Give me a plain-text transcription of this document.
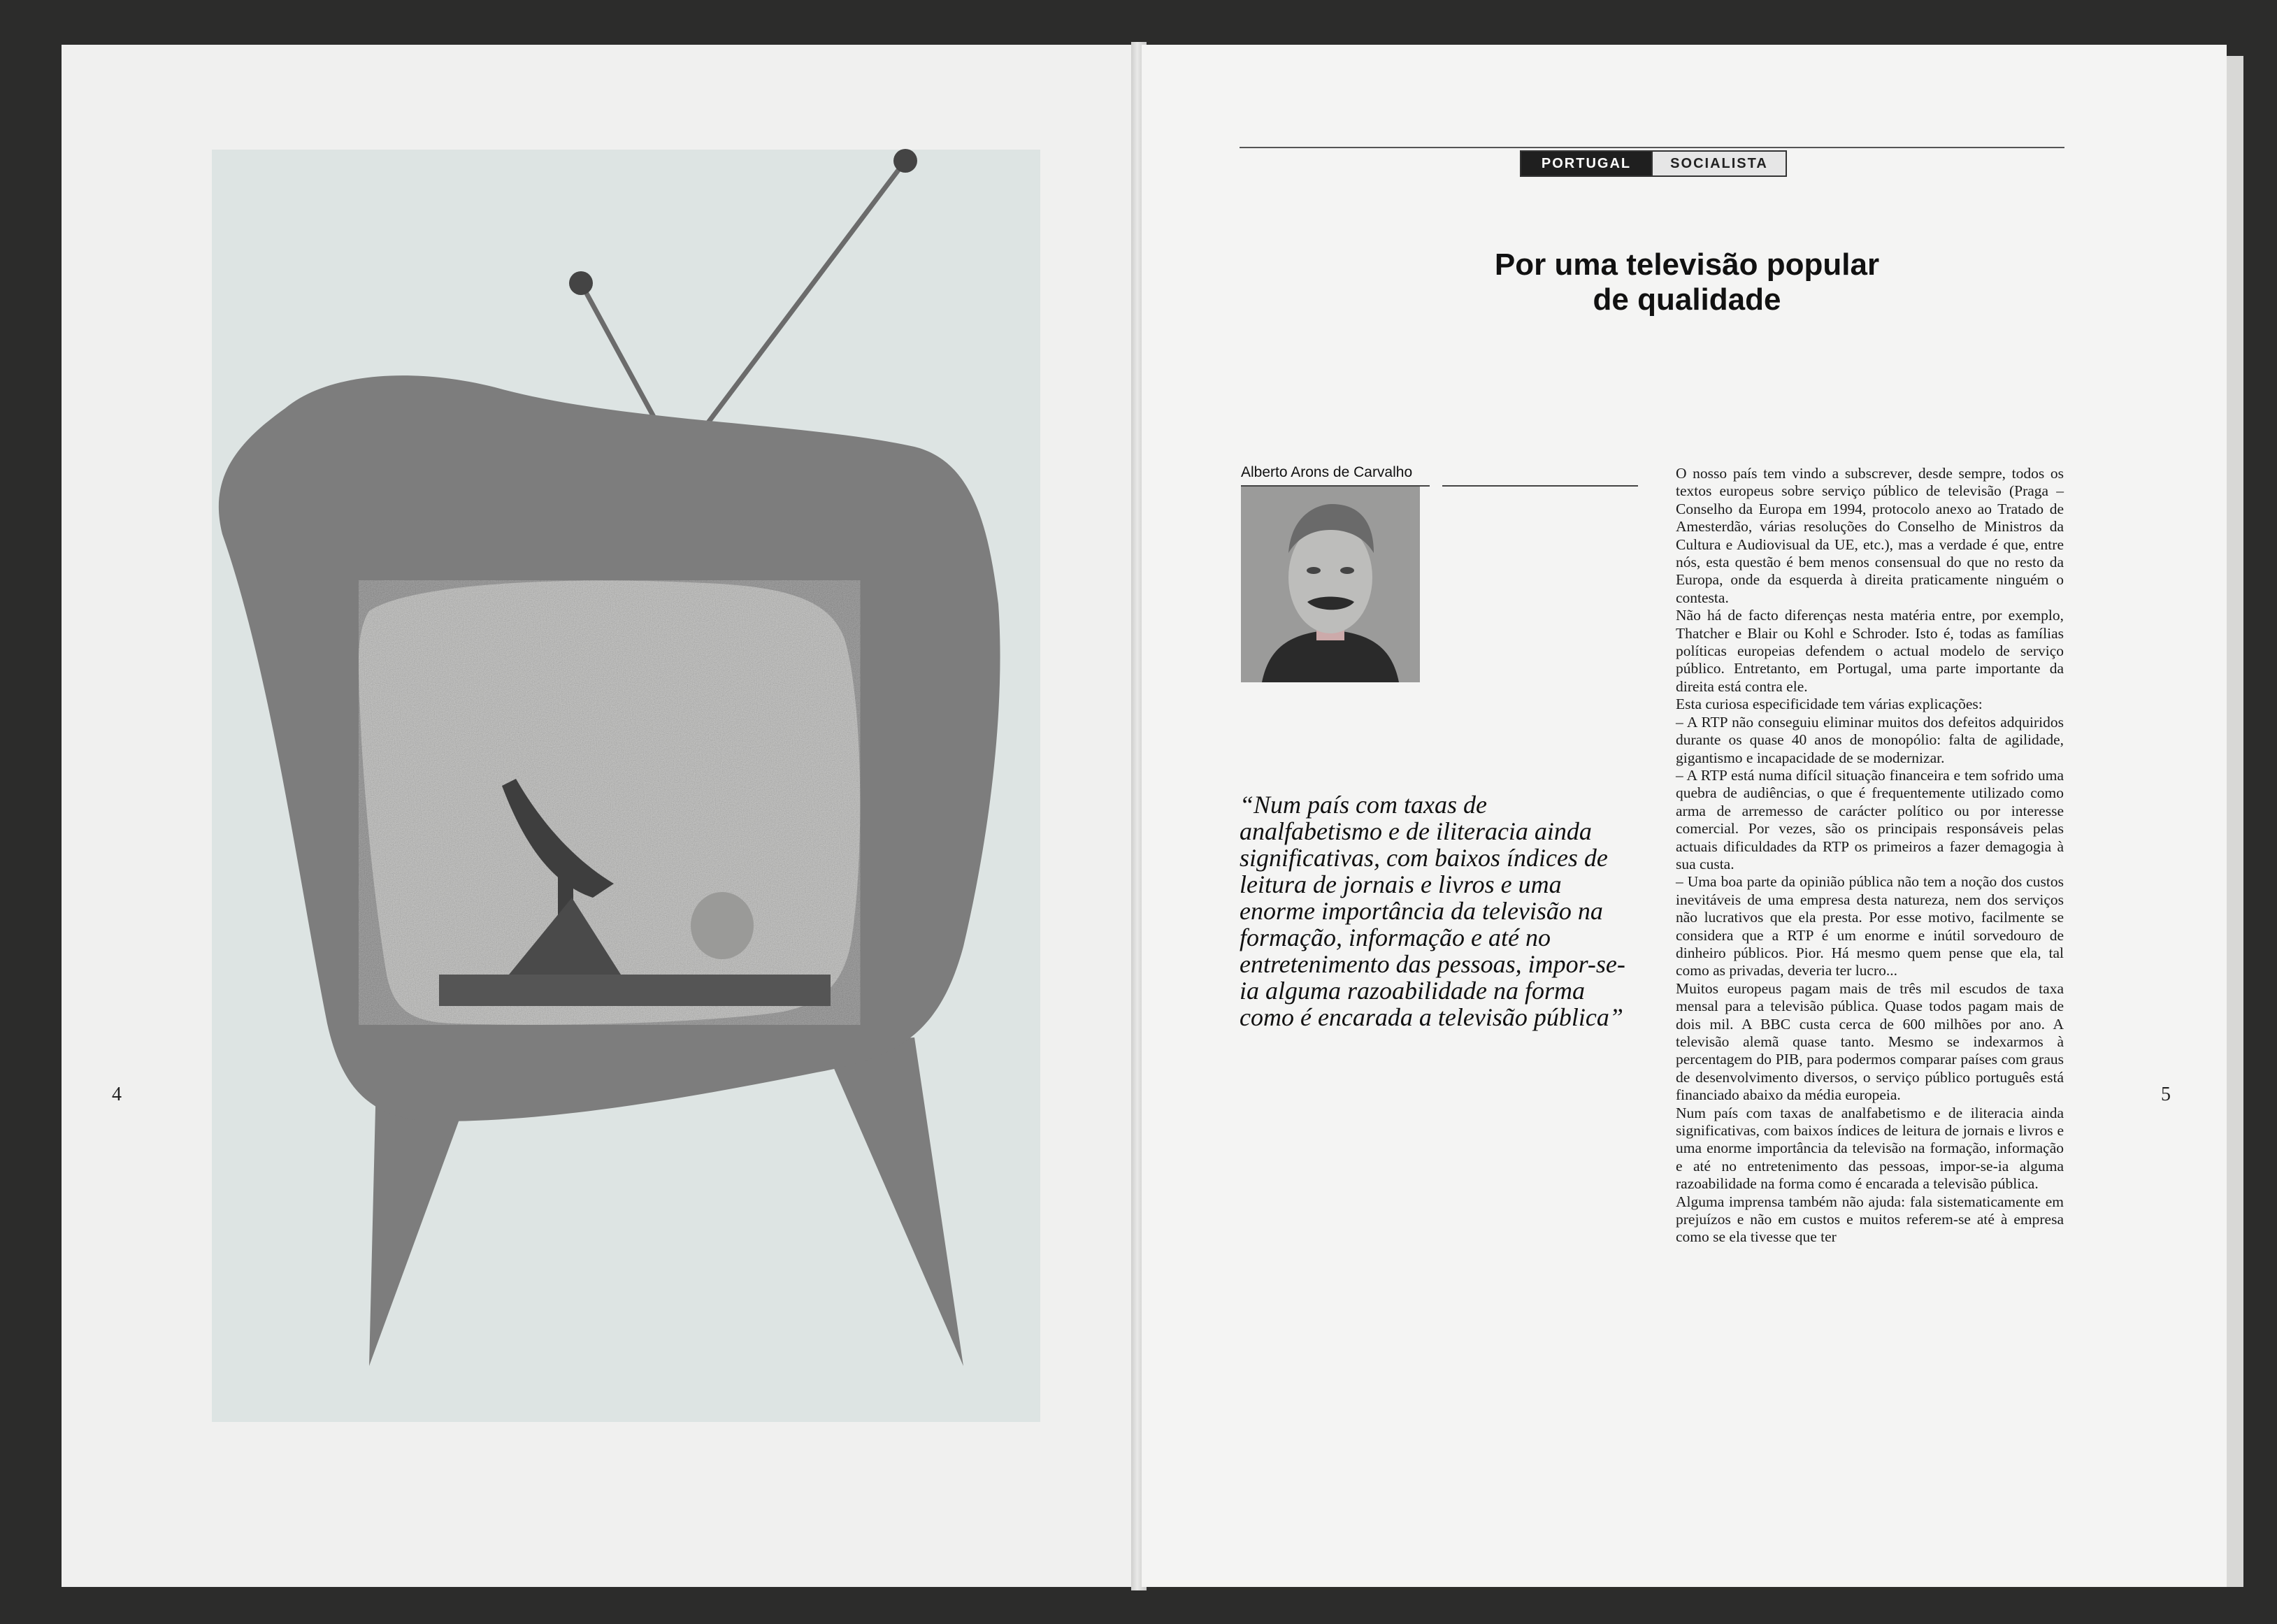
4
PORTUGAL	SOCIALISTA
Por uma televisão popular
de qualidade
Alberto Arons de Carvalho
“Num país com taxas de analfabetismo e de iliteracia ainda significativas, com baixos índices de leitura de jornais e livros e uma enorme importância da televisão na formação, informação e até no entretenimento das pessoas, impor-se-ia alguma razoabilidade na forma como é encarada a televisão pública”

O nosso país tem vindo a subscrever, desde sempre, todos os textos europeus sobre serviço público de televisão (Praga – Conselho da Europa em 1994, protocolo anexo ao Tratado de Amesterdão, várias resoluções do Conselho de Ministros da Cultura e Audiovisual da UE, etc.), mas a verdade é que, entre nós, esta questão é bem menos consensual do que no resto da Europa, onde da esquerda à direita praticamente ninguém o contesta.

Não há de facto diferenças nesta matéria entre, por exemplo, Thatcher e Blair ou Kohl e Schroder. Isto é, todas as famílias políticas europeias defendem o actual modelo de serviço público. Entretanto, em Portugal, uma parte importante da direita está contra ele.

Esta curiosa especificidade tem várias explicações:

– A RTP não conseguiu eliminar muitos dos defeitos adquiridos durante os quase 40 anos de monopólio: falta de agilidade, gigantismo e incapacidade de se modernizar.

– A RTP está numa difícil situação financeira e tem sofrido uma quebra de audiências, o que é frequentemente utilizado como arma de arremesso de carácter político ou por interesse comercial. Por vezes, são os principais responsáveis pelas actuais dificuldades da RTP os primeiros a fazer demagogia à sua custa.

– Uma boa parte da opinião pública não tem a noção dos custos inevitáveis de uma empresa desta natureza, nem dos serviços não lucrativos que ela presta. Por esse motivo, facilmente se considera que a RTP é um enorme e inútil sorvedouro de dinheiro públicos. Pior. Há mesmo quem pense que ela, tal como as privadas, deveria ter lucro...

Muitos europeus pagam mais de três mil escudos de taxa mensal para a televisão pública. Quase todos pagam mais de dois mil. A BBC custa cerca de 600 milhões por ano. A televisão alemã quase tanto. Mesmo se indexarmos à percentagem do PIB, para podermos comparar países com graus de desenvolvimento diversos, o serviço público português está financiado abaixo da média europeia.

Num país com taxas de analfabetismo e de iliteracia ainda significativas, com baixos índices de leitura de jornais e livros e uma enorme importância da televisão na formação, informação e até no entretenimento das pessoas, impor-se-ia alguma razoabilidade na forma como é encarada a televisão pública.

Alguma imprensa também não ajuda: fala sistematicamente em prejuízos e não em custos e muitos referem-se até à empresa como se ela tivesse que ter

5
